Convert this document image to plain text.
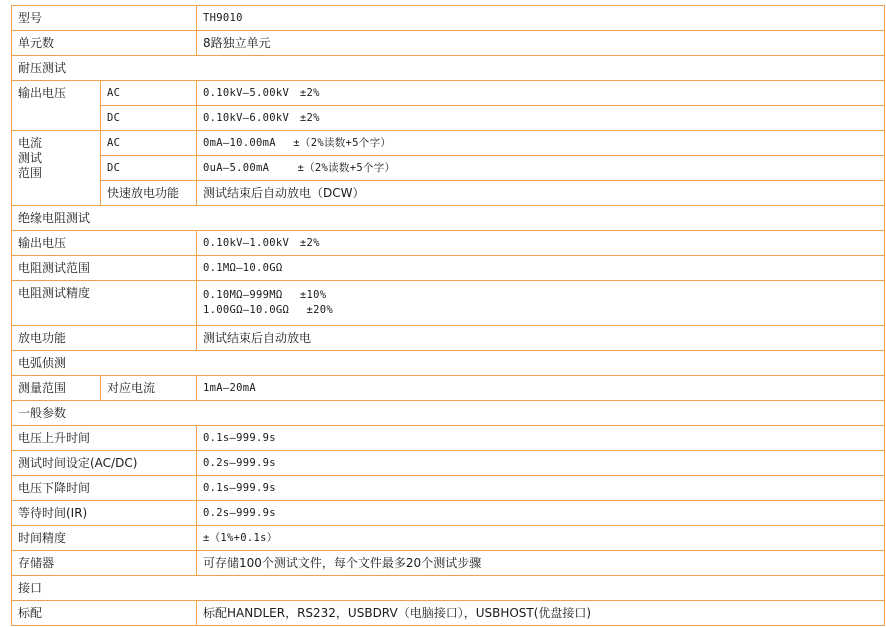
型号		TH9010
单元数		8路独立单元
耐压测试		
输出电压	AC	0.10kV—5.00kV　±2%
	DC	0.10kV—6.00kV　±2%

电流
测试
范围	AC	0mA—10.00mA　 ±（2%读数+5个字）
	DC	0uA—5.00mA　　 ±（2%读数+5个字）
	快速放电功能	测试结束后自动放电（DCW）
绝缘电阻测试		
输出电压		0.10kV—1.00kV　±2%
电阻测试范围		0.1MΩ—10.0GΩ
电阻测试精度		0.10MΩ—999MΩ　 ±10%
1.00GΩ—10.0GΩ　 ±20%

放电功能		测试结束后自动放电
电弧侦测		
测量范围	对应电流	1mA—20mA
一般参数		
电压上升时间		0.1s—999.9s
测试时间设定(AC/DC)		0.2s—999.9s
电压下降时间		0.1s—999.9s
等待时间(IR)		0.2s—999.9s
时间精度		±（1%+0.1s）
存储器		可存储100个测试文件，每个文件最多20个测试步骤
接口		
标配		标配HANDLER，RS232，USBDRV（电脑接口），USBHOST(优盘接口)
